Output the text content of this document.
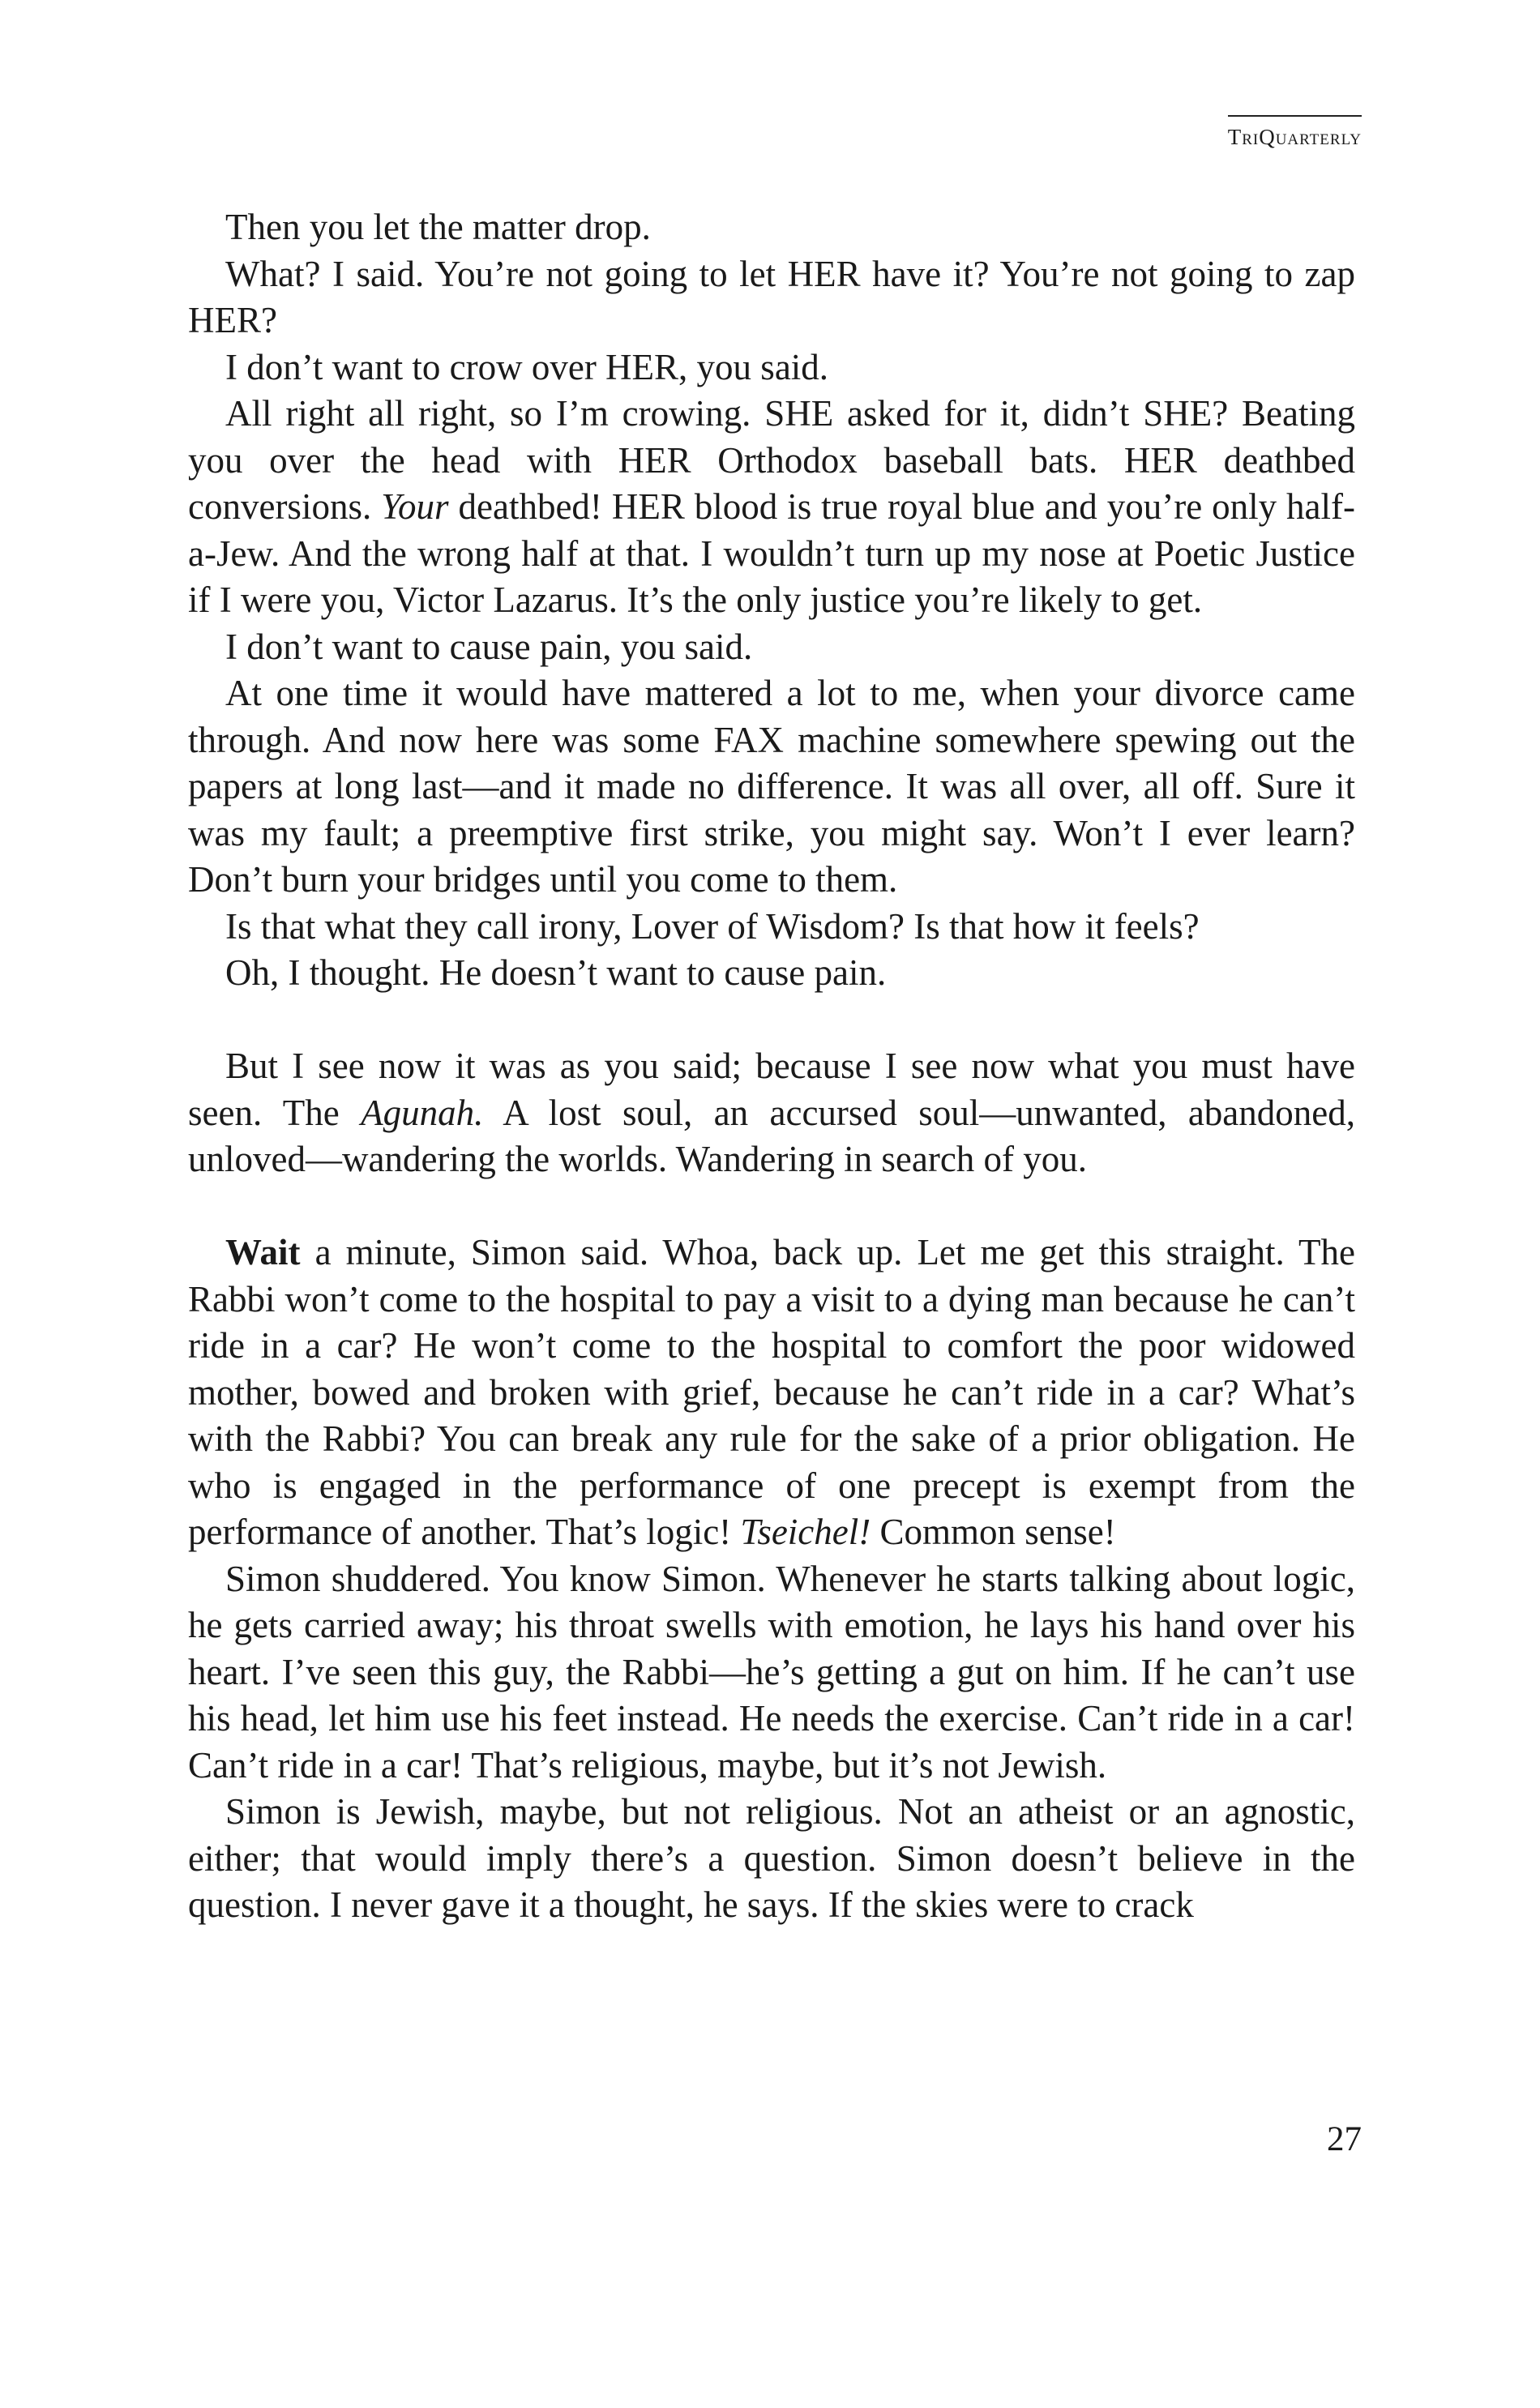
TriQuarterly

Then you let the matter drop.

What? I said. You’re not going to let HER have it? You’re not going to zap HER?

I don’t want to crow over HER, you said.

All right all right, so I’m crowing. SHE asked for it, didn’t SHE? Beating you over the head with HER Orthodox baseball bats. HER deathbed conversions. Your deathbed! HER blood is true royal blue and you’re only half-a-Jew. And the wrong half at that. I wouldn’t turn up my nose at Poetic Justice if I were you, Victor Lazarus. It’s the only justice you’re likely to get.

I don’t want to cause pain, you said.

At one time it would have mattered a lot to me, when your divorce came through. And now here was some FAX machine somewhere spewing out the papers at long last—and it made no difference. It was all over, all off. Sure it was my fault; a preemptive first strike, you might say. Won’t I ever learn? Don’t burn your bridges until you come to them.

Is that what they call irony, Lover of Wisdom? Is that how it feels?

Oh, I thought. He doesn’t want to cause pain.

But I see now it was as you said; because I see now what you must have seen. The Agunah. A lost soul, an accursed soul—unwanted, abandoned, unloved—wandering the worlds. Wandering in search of you.

Wait a minute, Simon said. Whoa, back up. Let me get this straight. The Rabbi won’t come to the hospital to pay a visit to a dying man because he can’t ride in a car? He won’t come to the hospital to comfort the poor widowed mother, bowed and broken with grief, because he can’t ride in a car? What’s with the Rabbi? You can break any rule for the sake of a prior obligation. He who is engaged in the performance of one precept is exempt from the performance of another. That’s logic! Tseichel! Common sense!

Simon shuddered. You know Simon. Whenever he starts talking about logic, he gets carried away; his throat swells with emotion, he lays his hand over his heart. I’ve seen this guy, the Rabbi—he’s getting a gut on him. If he can’t use his head, let him use his feet instead. He needs the exercise. Can’t ride in a car! Can’t ride in a car! That’s religious, maybe, but it’s not Jewish.

Simon is Jewish, maybe, but not religious. Not an atheist or an agnostic, either; that would imply there’s a question. Simon doesn’t believe in the question. I never gave it a thought, he says. If the skies were to crack

27
